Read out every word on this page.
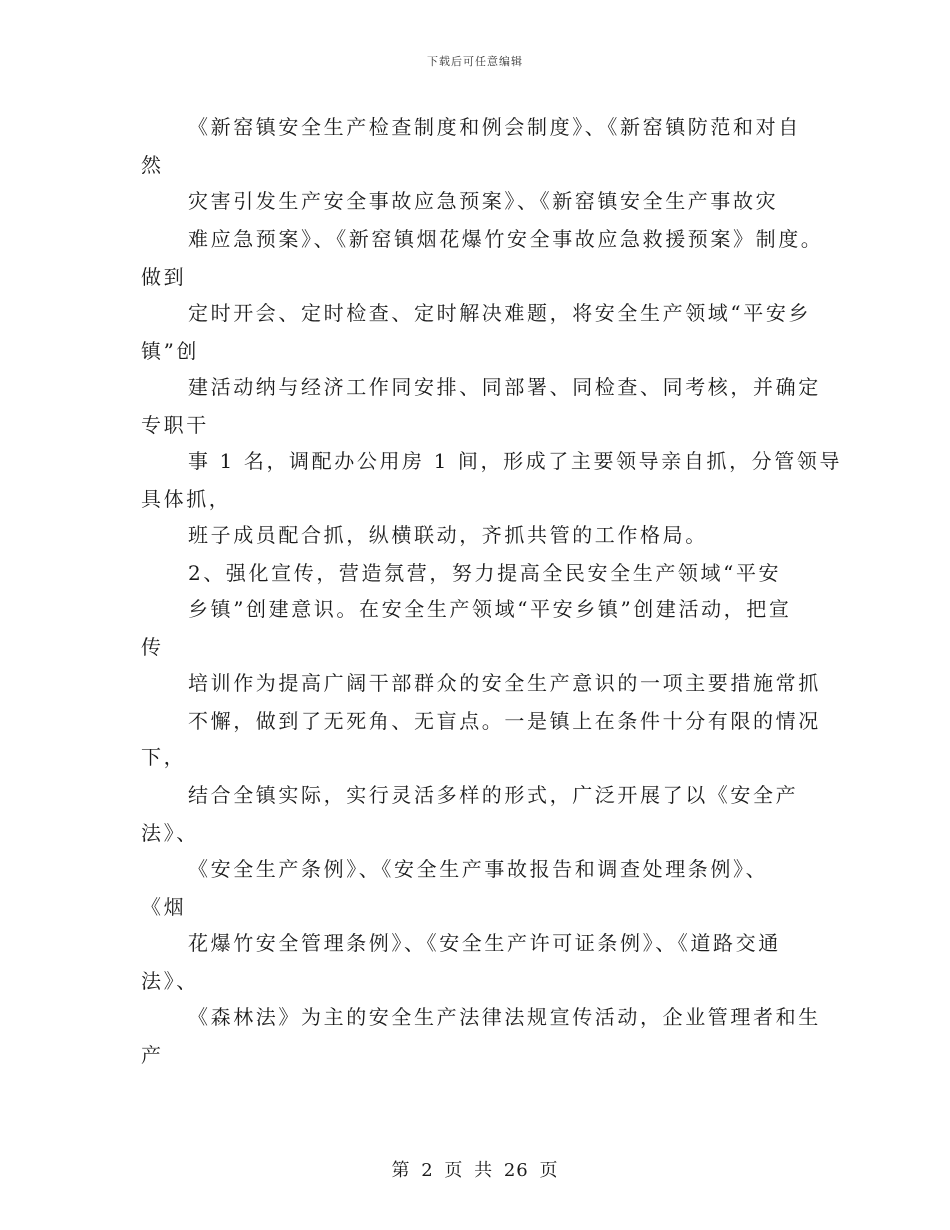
下载后可任意编辑
《新窑镇安全生产检查制度和例会制度》、《新窑镇防范和对自
然
灾害引发生产安全事故应急预案》、《新窑镇安全生产事故灾
难应急预案》、《新窑镇烟花爆竹安全事故应急救援预案》制度。
做到
定时开会、定时检查、定时解决难题，将安全生产领域“平安乡
镇”创
建活动纳与经济工作同安排、同部署、同检查、同考核，并确定
专职干
事 1 名，调配办公用房 1 间，形成了主要领导亲自抓，分管领导
具体抓，
班子成员配合抓，纵横联动，齐抓共管的工作格局。
2、强化宣传，营造氛营，努力提高全民安全生产领域“平安
乡镇”创建意识。在安全生产领域“平安乡镇”创建活动，把宣
传
培训作为提高广阔干部群众的安全生产意识的一项主要措施常抓
不懈，做到了无死角、无盲点。一是镇上在条件十分有限的情况
下，
结合全镇实际，实行灵活多样的形式，广泛开展了以《安全产
法》、
《安全生产条例》、《安全生产事故报告和调查处理条例》、
《烟
花爆竹安全管理条例》、《安全生产许可证条例》、《道路交通
法》、
《森林法》为主的安全生产法律法规宣传活动，企业管理者和生
产
第 2 页 共 26 页
